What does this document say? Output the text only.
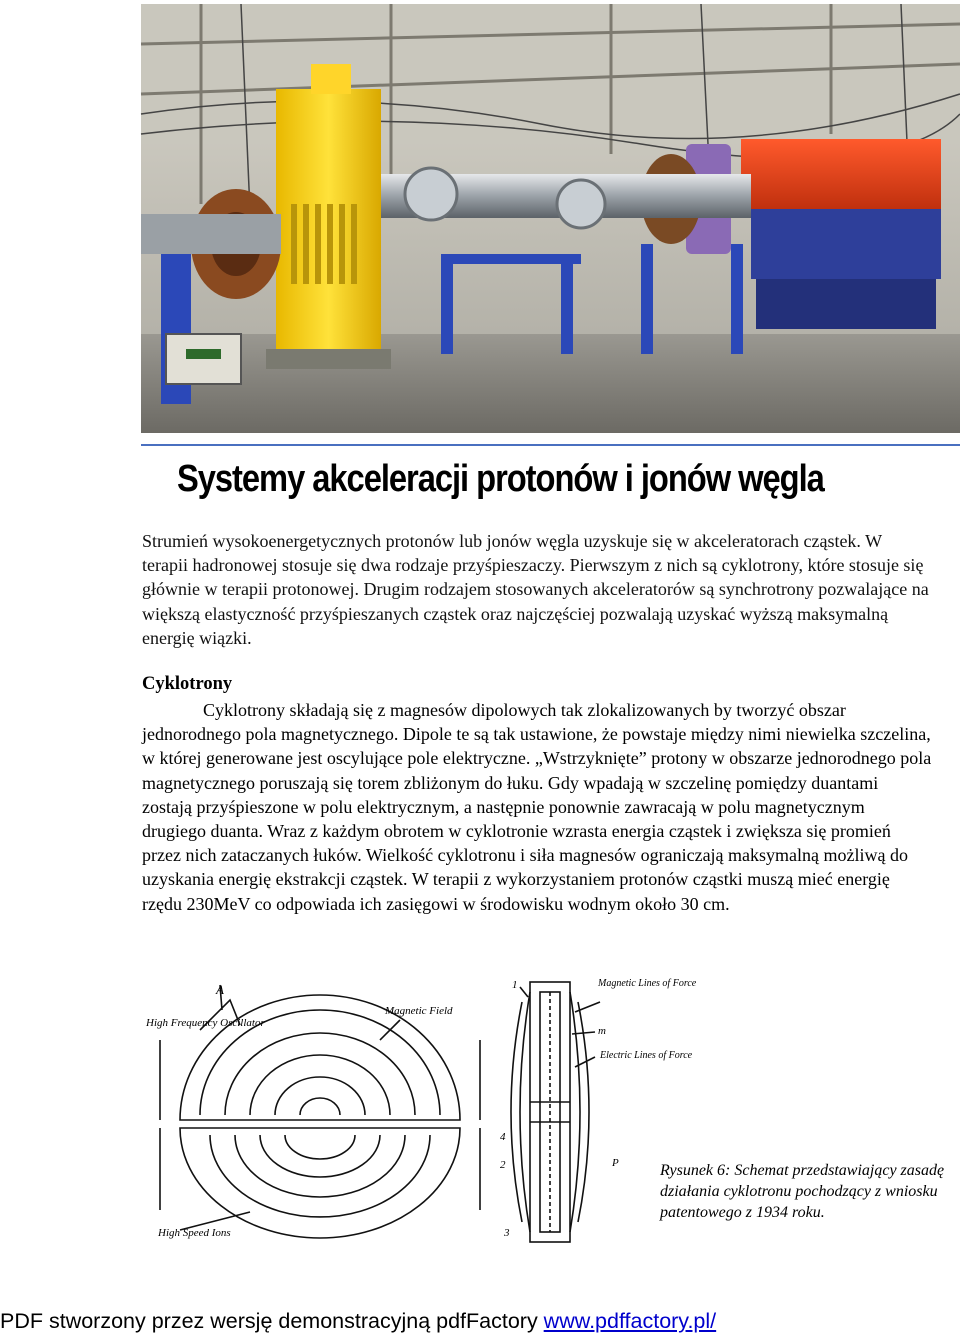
Systemy akceleracji protonów i jonów węgla

Strumień wysokoenergetycznych protonów lub jonów węgla uzyskuje się w akceleratorach cząstek. W terapii hadronowej stosuje się dwa rodzaje przyśpieszaczy. Pierwszym z nich są cyklotrony, które stosuje się głównie w terapii protonowej. Drugim rodzajem stosowanych akceleratorów są synchrotrony pozwalające na większą elastyczność przyśpieszanych cząstek oraz najczęściej pozwalają uzyskać wyższą maksymalną energię wiązki.

Cyklotrony

Cyklotrony składają się z magnesów dipolowych tak zlokalizowanych by tworzyć obszar jednorodnego pola magnetycznego. Dipole te są tak ustawione, że powstaje między nimi niewielka szczelina, w której generowane jest oscylujące pole elektryczne. „Wstrzyknięte” protony w obszarze jednorodnego pola magnetycznego poruszają się torem zbliżonym do łuku. Gdy wpadają w szczelinę pomiędzy duantami zostają przyśpieszone w polu elektrycznym, a następnie ponownie zawracają w polu magnetycznym drugiego duanta. Wraz z każdym obrotem w cyklotronie wzrasta energia cząstek i zwiększa się promień przez nich zataczanych łuków. Wielkość cyklotronu i siła magnesów ograniczają maksymalną możliwą do uzyskania energię ekstrakcji cząstek. W terapii z wykorzystaniem protonów cząstki muszą mieć energię rzędu 230MeV co odpowiada ich zasięgowi w środowisku wodnym około 30 cm.

A
High Frequency Oscillator
Magnetic Field
High Speed Ions
1	Magnetic Lines of Force
m
Electric Lines of Force
4
2
3
P	Rysunek 6: Schemat przedstawiający zasadę działania cyklotronu pochodzący z wniosku patentowego z 1934 roku.

PDF stworzony przez wersję demonstracyjną pdfFactory www.pdffactory.pl/
